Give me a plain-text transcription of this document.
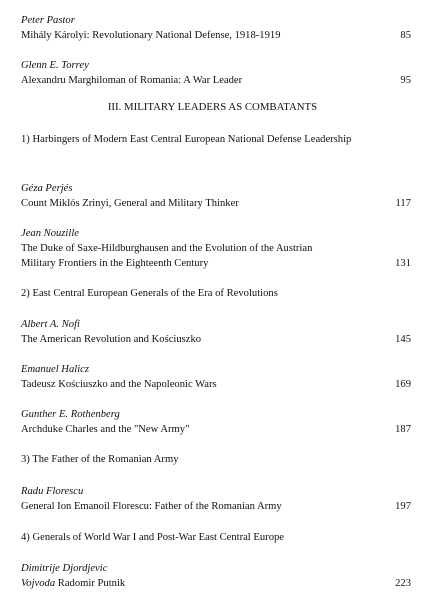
Peter Pastor
Mihály Károlyi: Revolutionary National Defense, 1918-1919	85
Glenn E. Torrey
Alexandru Marghiloman of Romania: A War Leader	95
III. MILITARY LEADERS AS COMBATANTS
1) Harbingers of Modern East Central European National Defense Leadership
Géza Perjés
Count Miklós Zrinyi, General and Military Thinker	117
Jean Nouzille
The Duke of Saxe-Hildburghausen and the Evolution of the Austrian
Military Frontiers in the Eighteenth Century	131
2) East Central European Generals of the Era of Revolutions
Albert A. Nofi
The American Revolution and Kościuszko	145
Emanuel Halicz
Tadeusz Kościuszko and the Napoleonic Wars	169
Gunther E. Rothenberg
Archduke Charles and the "New Army"	187
3) The Father of the Romanian Army
Radu Florescu
General Ion Emanoil Florescu: Father of the Romanian Army	197
4) Generals of World War I and Post-War East Central Europe
Dimitrije Djordjevic
Vojvoda Radomir Putnik	223
